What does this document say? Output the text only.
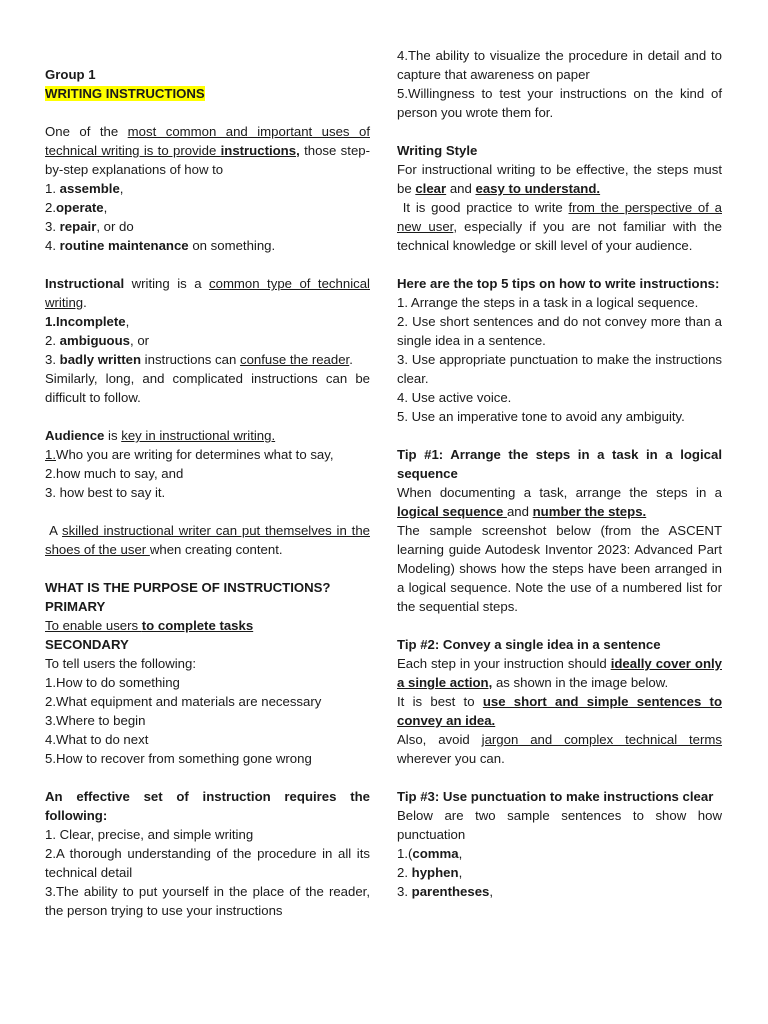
Group 1

WRITING INSTRUCTIONS

One of the most common and important uses of technical writing is to provide instructions, those step-by-step explanations of how to

1. assemble,

2.operate,

3. repair, or do

4. routine maintenance on something.

Instructional writing is a common type of technical writing.

1.Incomplete,

2. ambiguous, or

3. badly written instructions can confuse the reader.

Similarly, long, and complicated instructions can be difficult to follow.

Audience is key in instructional writing.

1.Who you are writing for determines what to say,

2.how much to say, and

3. how best to say it.

A skilled instructional writer can put themselves in the shoes of the user when creating content.

WHAT IS THE PURPOSE OF INSTRUCTIONS?

PRIMARY

To enable users to complete tasks

SECONDARY

To tell users the following:

1.How to do something

2.What equipment and materials are necessary

3.Where to begin

4.What to do next

5.How to recover from something gone wrong

An effective set of instruction requires the following:

1. Clear, precise, and simple writing

2.A thorough understanding of the procedure in all its technical detail

3.The ability to put yourself in the place of the reader, the person trying to use your instructions

4.The ability to visualize the procedure in detail and to capture that awareness on paper

5.Willingness to test your instructions on the kind of person you wrote them for.

Writing Style

For instructional writing to be effective, the steps must be clear and easy to understand.

It is good practice to write from the perspective of a new user, especially if you are not familiar with the technical knowledge or skill level of your audience.

Here are the top 5 tips on how to write instructions:

1. Arrange the steps in a task in a logical sequence.

2. Use short sentences and do not convey more than a single idea in a sentence.

3. Use appropriate punctuation to make the instructions clear.

4. Use active voice.

5. Use an imperative tone to avoid any ambiguity.

Tip #1: Arrange the steps in a task in a logical sequence

When documenting a task, arrange the steps in a logical sequence and number the steps.

The sample screenshot below (from the ASCENT learning guide Autodesk Inventor 2023: Advanced Part Modeling) shows how the steps have been arranged in a logical sequence. Note the use of a numbered list for the sequential steps.

Tip #2: Convey a single idea in a sentence

Each step in your instruction should ideally cover only a single action, as shown in the image below.

It is best to use short and simple sentences to convey an idea.

Also, avoid jargon and complex technical terms wherever you can.

Tip #3: Use punctuation to make instructions clear

Below are two sample sentences to show how punctuation

1.(comma,

2. hyphen,

3. parentheses,
